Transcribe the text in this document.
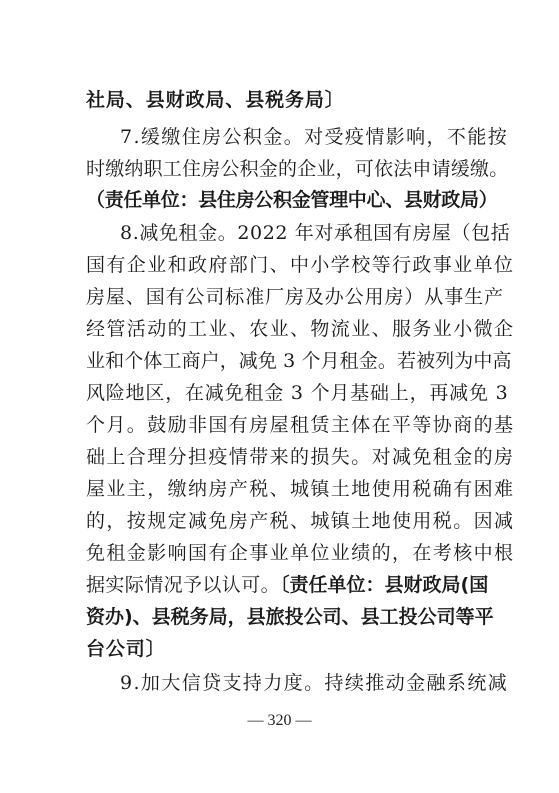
社局、县财政局、县税务局〕
7.缓缴住房公积金。对受疫情影响，不能按
时缴纳职工住房公积金的企业，可依法申请缓缴。
（责任单位：县住房公积金管理中心、县财政局）
8.减免租金。2022 年对承租国有房屋（包括
国有企业和政府部门、中小学校等行政事业单位
房屋、国有公司标准厂房及办公用房）从事生产
经管活动的工业、农业、物流业、服务业小微企
业和个体工商户，减免 3 个月租金。若被列为中高
风险地区，在减免租金 3 个月基础上，再减免 3
个月。鼓励非国有房屋租赁主体在平等协商的基
础上合理分担疫情带来的损失。对减免租金的房
屋业主，缴纳房产税、城镇土地使用税确有困难
的，按规定减免房产税、城镇土地使用税。因减
免租金影响国有企事业单位业绩的，在考核中根
据实际情况予以认可。〔责任单位：县财政局(国
资办)、县税务局，县旅投公司、县工投公司等平
台公司〕
9.加大信贷支持力度。持续推动金融系统减
— 320 —
